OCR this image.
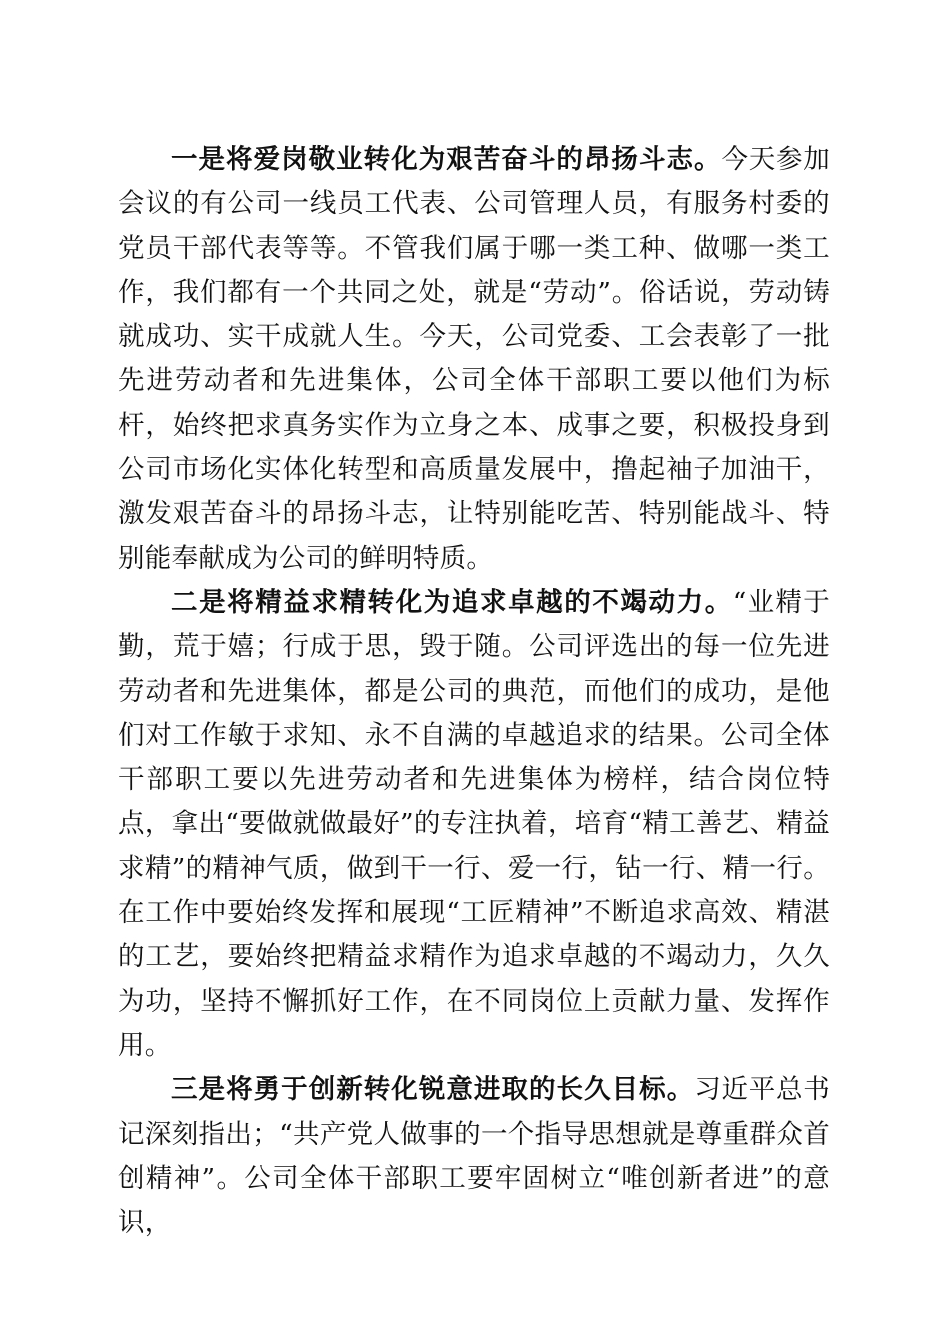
一是将爱岗敬业转化为艰苦奋斗的昂扬斗志。今天参加会议的有公司一线员工代表、公司管理人员，有服务村委的党员干部代表等等。不管我们属于哪一类工种、做哪一类工作，我们都有一个共同之处，就是“劳动”。俗话说，劳动铸就成功、实干成就人生。今天，公司党委、工会表彰了一批先进劳动者和先进集体，公司全体干部职工要以他们为标杆，始终把求真务实作为立身之本、成事之要，积极投身到公司市场化实体化转型和高质量发展中，撸起袖子加油干，激发艰苦奋斗的昂扬斗志，让特别能吃苦、特别能战斗、特别能奉献成为公司的鲜明特质。

二是将精益求精转化为追求卓越的不竭动力。“业精于勤，荒于嬉；行成于思，毁于随。公司评选出的每一位先进劳动者和先进集体，都是公司的典范，而他们的成功，是他们对工作敏于求知、永不自满的卓越追求的结果。公司全体干部职工要以先进劳动者和先进集体为榜样，结合岗位特点，拿出“要做就做最好”的专注执着，培育“精工善艺、精益求精”的精神气质，做到干一行、爱一行，钻一行、精一行。在工作中要始终发挥和展现“工匠精神”不断追求高效、精湛的工艺，要始终把精益求精作为追求卓越的不竭动力，久久为功，坚持不懈抓好工作，在不同岗位上贡献力量、发挥作用。

三是将勇于创新转化锐意进取的长久目标。习近平总书记深刻指出；“共产党人做事的一个指导思想就是尊重群众首创精神”。公司全体干部职工要牢固树立“唯创新者进”的意识，
